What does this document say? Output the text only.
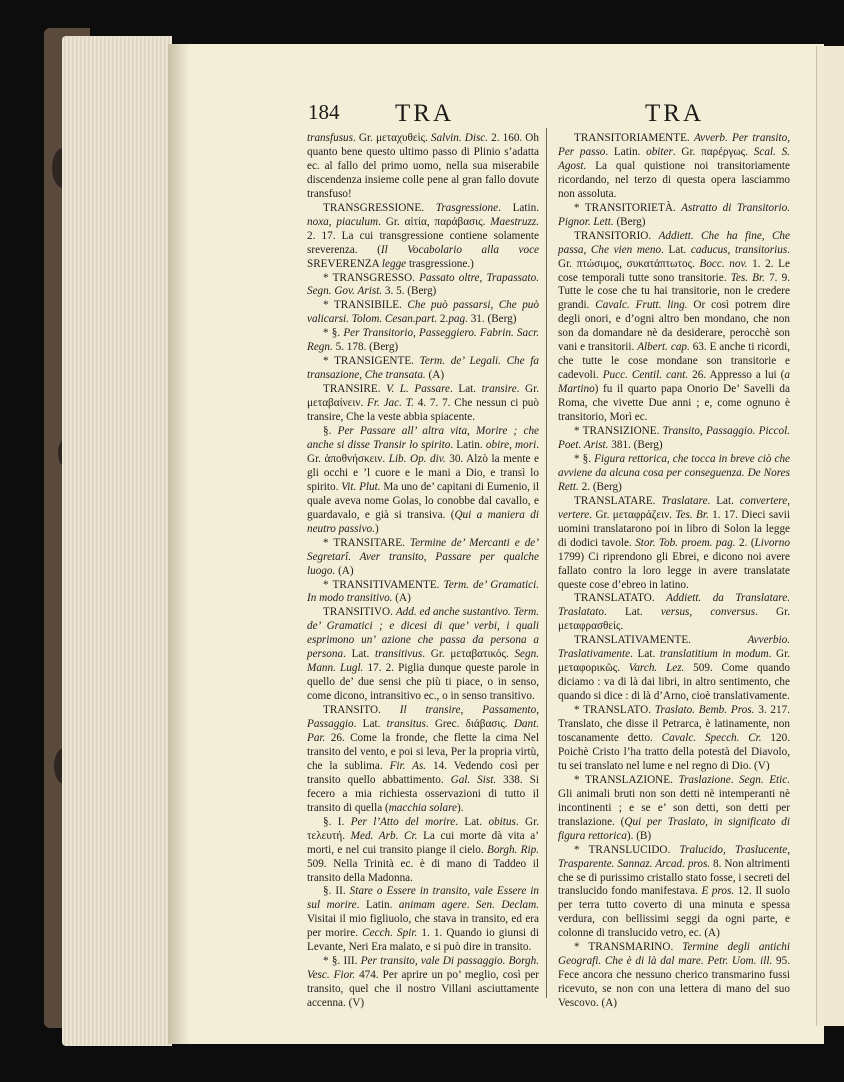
184 TRA	TRA

transfusus. Gr. μεταχυθεὶς. Salvin. Disc. 2. 160. Oh quanto bene questo ultimo passo di Plinio s’adatta ec. al fallo del primo uomo, nella sua miserabile discendenza insieme colle pene al gran fallo dovute transfuso!

TRANSGRESSIONE. Trasgressione. Latin. noxa, piaculum. Gr. αἰτία, παράβασις. Maestruzz. 2. 17. La cui transgressione contiene solamente sreverenza. (Il Vocabolario alla voce SREVERENZA legge trasgressione.)

* TRANSGRESSO. Passato oltre, Trapassato. Segn. Gov. Arist. 3. 5. (Berg)

* TRANSIBILE. Che può passarsi, Che può valicarsi. Tolom. Cesan.part. 2.pag. 31. (Berg)

* §. Per Transitorio, Passeggiero. Fabrin. Sacr. Regn. 5. 178. (Berg)

* TRANSIGENTE. Term. de’ Legali. Che fa transazione, Che transata. (A)

TRANSIRE. V. L. Passare. Lat. transire. Gr. μεταβαίνειν. Fr. Jac. T. 4. 7. 7. Che nessun ci può transire, Che la veste abbia spiacente.

§. Per Passare all’ altra vita, Morire ; che anche si disse Transir lo spirito. Latin. obire, mori. Gr. ἀποθνήσκειν. Lib. Op. div. 30. Alzò la mente e gli occhi e ’l cuore e le mani a Dio, e transì lo spirito. Vit. Plut. Ma uno de’ capitani di Eumenio, il quale aveva nome Golas, lo conobbe dal cavallo, e guardavalo, e già si transiva. (Qui a maniera di neutro passivo.)

* TRANSITARE. Termine de’ Mercanti e de’ Segretarî. Aver transito, Passare per qualche luogo. (A)

* TRANSITIVAMENTE. Term. de’ Gramatici. In modo transitivo. (A)

TRANSITIVO. Add. ed anche sustantivo. Term. de’ Gramatici ; e dicesi di que’ verbi, i quali esprimono un’ azione che passa da persona a persona. Lat. transitivus. Gr. μεταβατικός. Segn. Mann. Lugl. 17. 2. Piglia dunque queste parole in quello de’ due sensi che più ti piace, o in senso, come dicono, intransitivo ec., o in senso transitivo.

TRANSITO. Il transire, Passamento, Passaggio. Lat. transitus. Grec. διάβασις. Dant. Par. 26. Come la fronde, che flette la cima Nel transito del vento, e poi si leva, Per la propria virtù, che la sublima. Fir. As. 14. Vedendo così per transito quello abbattimento. Gal. Sist. 338. Si fecero a mia richiesta osservazioni di tutto il transito di quella (macchia solare).

§. I. Per l’Atto del morire. Lat. obitus. Gr. τελευτή. Med. Arb. Cr. La cui morte dà vita a’ morti, e nel cui transito piange il cielo. Borgh. Rip. 509. Nella Trinità ec. è di mano di Taddeo il transito della Madonna.

§. II. Stare o Essere in transito, vale Essere in sul morire. Latin. animam agere. Sen. Declam. Visitai il mio figliuolo, che stava in transito, ed era per morire. Cecch. Spir. 1. 1. Quando io giunsi di Levante, Neri Era malato, e si può dire in transito.

* §. III. Per transito, vale Di passaggio. Borgh. Vesc. Fior. 474. Per aprire un po’ meglio, così per transito, quel che il nostro Villani asciuttamente accenna. (V)

TRANSITORIAMENTE. Avverb. Per transito, Per passo. Latin. obiter. Gr. παρέργως. Scal. S. Agost. La qual quistione noi transitoriamente ricordando, nel terzo di questa opera lasciammo non assoluta.

* TRANSITORIETÀ. Astratto di Transitorio. Pignor. Lett. (Berg)

TRANSITORIO. Addiett. Che ha fine, Che passa, Che vien meno. Lat. caducus, transitorius. Gr. πτώσιμος, συκατάπτωτος. Bocc. nov. 1. 2. Le cose temporali tutte sono transitorie. Tes. Br. 7. 9. Tutte le cose che tu hai transitorie, non le credere grandi. Cavalc. Frutt. ling. Or così potrem dire degli onori, e d’ogni altro ben mondano, che non son da domandare nè da desiderare, perocchè son vani e transitorii. Albert. cap. 63. E anche ti ricordi, che tutte le cose mondane son transitorie e cadevoli. Pucc. Centil. cant. 26. Appresso a lui (a Martino) fu il quarto papa Onorio De’ Savelli da Roma, che vivette Due anni ; e, come ognuno è transitorio, Morì ec.

* TRANSIZIONE. Transito, Passaggio. Piccol. Poet. Arist. 381. (Berg)

* §. Figura rettorica, che tocca in breve ciò che avviene da alcuna cosa per conseguenza. De Nores Rett. 2. (Berg)

TRANSLATARE. Traslatare. Lat. convertere, vertere. Gr. μεταφράζειν. Tes. Br. 1. 17. Dieci savii uomini translatarono poi in libro di Solon la legge di dodici tavole. Stor. Tob. proem. pag. 2. (Livorno 1799) Ci riprendono gli Ebrei, e dicono noi avere fallato contro la loro legge in avere translatate queste cose d’ebreo in latino.

TRANSLATATO. Addiett. da Translatare. Traslatato. Lat. versus, conversus. Gr. μεταφρασθείς.

TRANSLATIVAMENTE. Avverbio. Traslativamente. Lat. translatitium in modum. Gr. μεταφορικῶς. Varch. Lez. 509. Come quando diciamo : va di là dai libri, in altro sentimento, che quando si dice : di là d’Arno, cioè translativamente.

* TRANSLATO. Traslato. Bemb. Pros. 3. 217. Translato, che disse il Petrarca, è latinamente, non toscanamente detto. Cavalc. Specch. Cr. 120. Poichè Cristo l’ha tratto della potestà del Diavolo, tu sei translato nel lume e nel regno di Dio. (V)

* TRANSLAZIONE. Traslazione. Segn. Etic. Gli animali bruti non son detti nè intemperanti nè incontinenti ; e se e’ son detti, son detti per translazione. (Qui per Traslato, in significato di figura rettorica). (B)

* TRANSLUCIDO. Tralucido, Traslucente, Trasparente. Sannaz. Arcad. pros. 8. Non altrimenti che se di purissimo cristallo stato fosse, i secreti del translucido fondo manifestava. E pros. 12. Il suolo per terra tutto coverto di una minuta e spessa verdura, con bellissimi seggi da ogni parte, e colonne di translucido vetro, ec. (A)

* TRANSMARINO. Termine degli antichi Geografi. Che è di là dal mare. Petr. Uom. ill. 95. Fece ancora che nessuno cherico transmarino fussi ricevuto, se non con una lettera di mano del suo Vescovo. (A)
